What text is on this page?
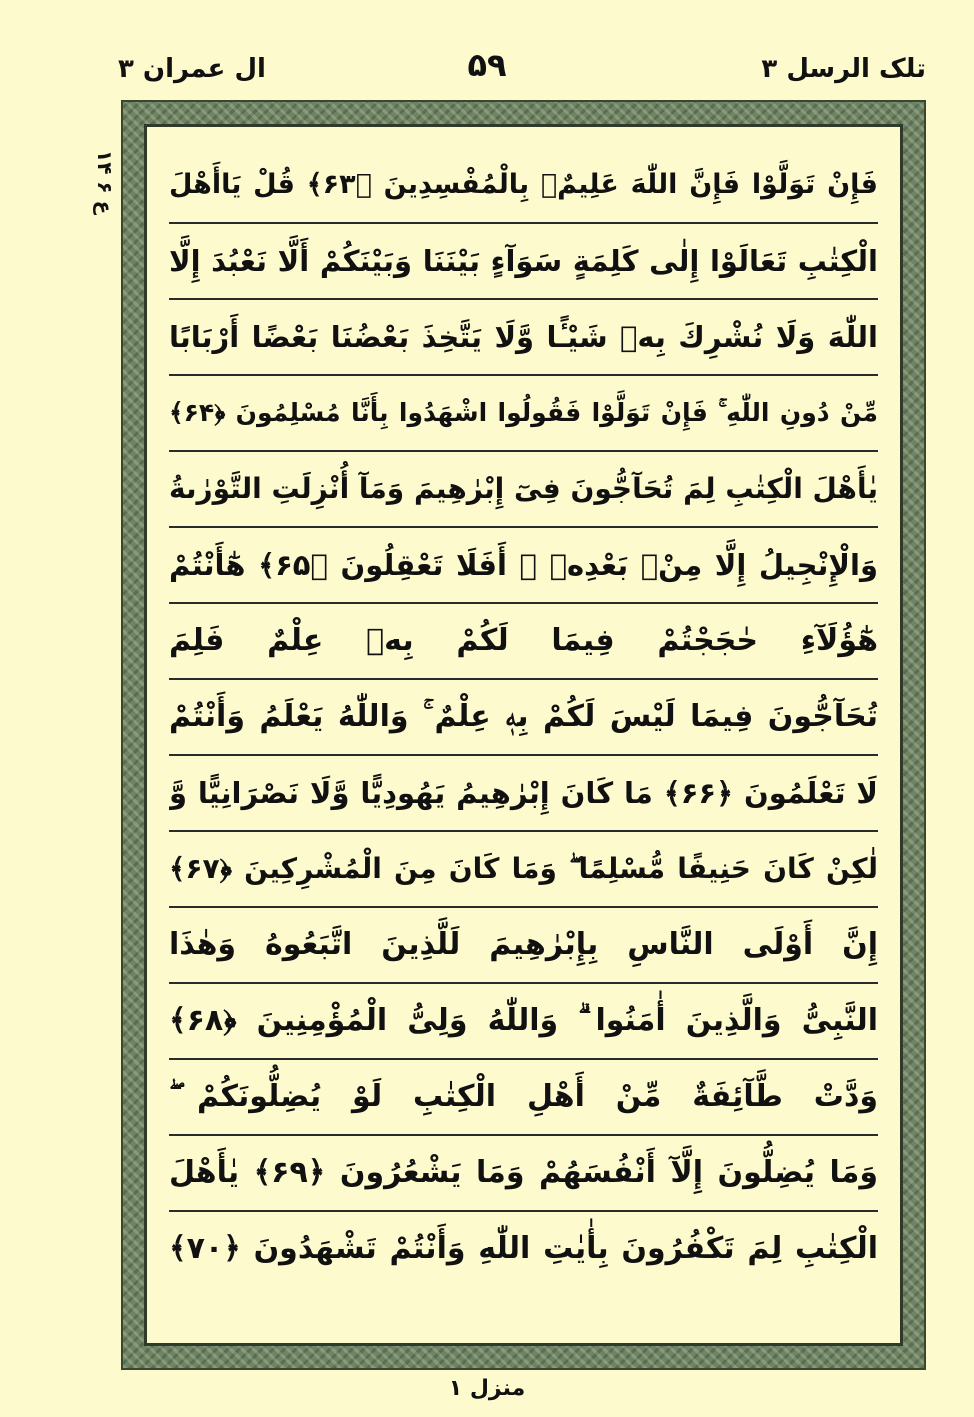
تلک الرسل ۳
۵۹
ال عمران ۳
ع ۶ ۱۴
فَإِنْ تَوَلَّوْا فَإِنَّ اللّٰهَ عَلِيمٌۢ بِالْمُفْسِدِينَ ﴿۶۳﴾ قُلْ يَاأَهْلَ
الْكِتٰبِ تَعَالَوْا إِلٰى كَلِمَةٍ سَوَآءٍ بَيْنَنَا وَبَيْنَكُمْ أَلَّا نَعْبُدَ إِلَّا
اللّٰهَ وَلَا نُشْرِكَ بِهٖ شَيْـًٔا وَّلَا يَتَّخِذَ بَعْضُنَا بَعْضًا أَرْبَابًا
مِّنْ دُونِ اللّٰهِ ۚ فَإِنْ تَوَلَّوْا فَقُولُوا اشْهَدُوا بِأَنَّا مُسْلِمُونَ ﴿۶۴﴾
يٰأَهْلَ الْكِتٰبِ لِمَ تُحَآجُّونَ فِىٓ إِبْرٰهِيمَ وَمَآ أُنْزِلَتِ التَّوْرٰىةُ
وَالْإِنْجِيلُ إِلَّا مِنْۢ بَعْدِهٖ ۚ أَفَلَا تَعْقِلُونَ ﴿۶۵﴾ هٰٓأَنْتُمْ
هٰٓؤُلَآءِ حٰجَجْتُمْ فِيمَا لَكُمْ بِهٖ عِلْمٌ فَلِمَ
تُحَآجُّونَ فِيمَا لَيْسَ لَكُمْ بِهٖ عِلْمٌ ۚ وَاللّٰهُ يَعْلَمُ وَأَنْتُمْ
لَا تَعْلَمُونَ ﴿۶۶﴾ مَا كَانَ إِبْرٰهِيمُ يَهُودِيًّا وَّلَا نَصْرَانِيًّا وَّ
لٰكِنْ كَانَ حَنِيفًا مُّسْلِمًا ۖ وَمَا كَانَ مِنَ الْمُشْرِكِينَ ﴿۶۷﴾
إِنَّ أَوْلَى النَّاسِ بِإِبْرٰهِيمَ لَلَّذِينَ اتَّبَعُوهُ وَهٰذَا
النَّبِىُّ وَالَّذِينَ أٰمَنُوا ۗ وَاللّٰهُ وَلِىُّ الْمُؤْمِنِينَ ﴿۶۸﴾
وَدَّتْ طَّآئِفَةٌ مِّنْ أَهْلِ الْكِتٰبِ لَوْ يُضِلُّونَكُمْ ۖ
وَمَا يُضِلُّونَ إِلَّآ أَنْفُسَهُمْ وَمَا يَشْعُرُونَ ﴿۶۹﴾ يٰأَهْلَ
الْكِتٰبِ لِمَ تَكْفُرُونَ بِأٰيٰتِ اللّٰهِ وَأَنْتُمْ تَشْهَدُونَ ﴿۷۰﴾
منزل ۱
